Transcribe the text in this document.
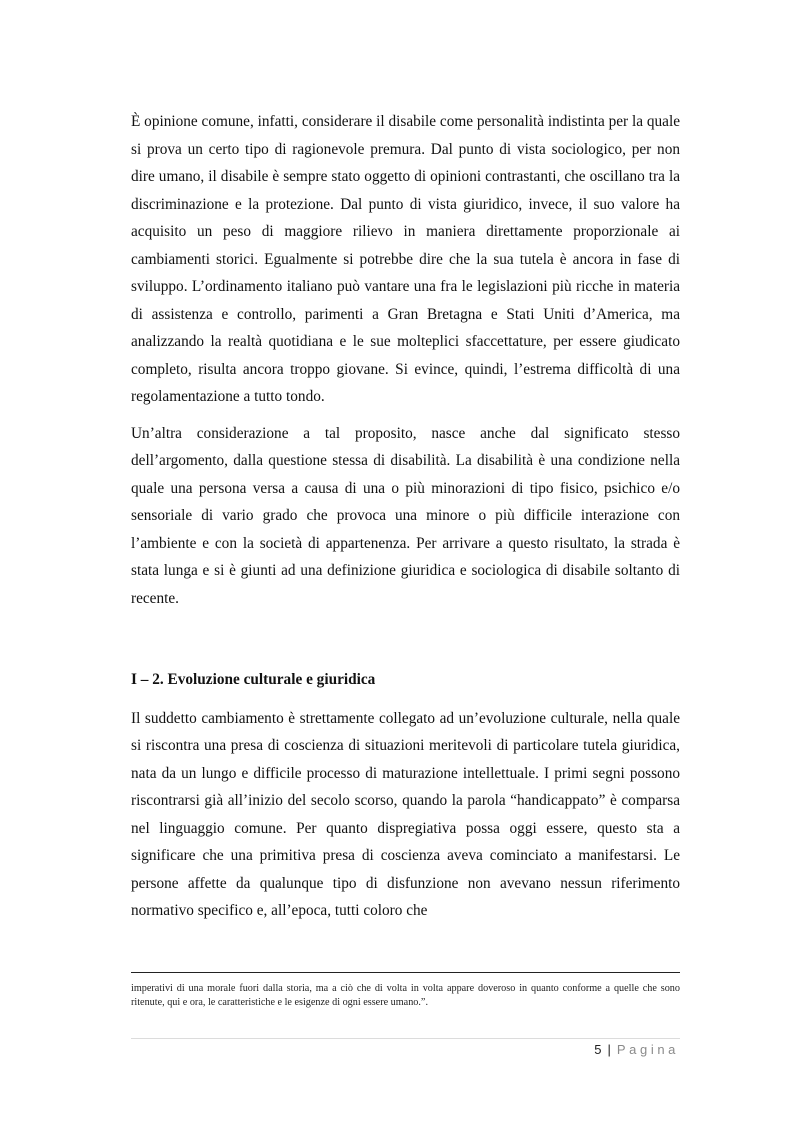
È opinione comune, infatti, considerare il disabile come personalità indistinta per la quale si prova un certo tipo di ragionevole premura. Dal punto di vista sociologico, per non dire umano, il disabile è sempre stato oggetto di opinioni contrastanti, che oscillano tra la discriminazione e la protezione. Dal punto di vista giuridico, invece, il suo valore ha acquisito un peso di maggiore rilievo in maniera direttamente proporzionale ai cambiamenti storici. Egualmente si potrebbe dire che la sua tutela è ancora in fase di sviluppo. L’ordinamento italiano può vantare una fra le legislazioni più ricche in materia di assistenza e controllo, parimenti a Gran Bretagna e Stati Uniti d’America, ma analizzando la realtà quotidiana e le sue molteplici sfaccettature, per essere giudicato completo, risulta ancora troppo giovane. Si evince, quindi, l’estrema difficoltà di una regolamentazione a tutto tondo.

Un’altra considerazione a tal proposito, nasce anche dal significato stesso dell’argomento, dalla questione stessa di disabilità. La disabilità è una condizione nella quale una persona versa a causa di una o più minorazioni di tipo fisico, psichico e/o sensoriale di vario grado che provoca una minore o più difficile interazione con l’ambiente e con la società di appartenenza. Per arrivare a questo risultato, la strada è stata lunga e si è giunti ad una definizione giuridica e sociologica di disabile soltanto di recente.

I – 2. Evoluzione culturale e giuridica

Il suddetto cambiamento è strettamente collegato ad un’evoluzione culturale, nella quale si riscontra una presa di coscienza di situazioni meritevoli di particolare tutela giuridica, nata da un lungo e difficile processo di maturazione intellettuale. I primi segni possono riscontrarsi già all’inizio del secolo scorso, quando la parola “handicappato” è comparsa nel linguaggio comune. Per quanto dispregiativa possa oggi essere, questo sta a significare che una primitiva presa di coscienza aveva cominciato a manifestarsi. Le persone affette da qualunque tipo di disfunzione non avevano nessun riferimento normativo specifico e, all’epoca, tutti coloro che

imperativi di una morale fuori dalla storia, ma a ciò che di volta in volta appare doveroso in quanto conforme a quelle che sono ritenute, qui e ora, le caratteristiche e le esigenze di ogni essere umano.”.

5 | Pagina
